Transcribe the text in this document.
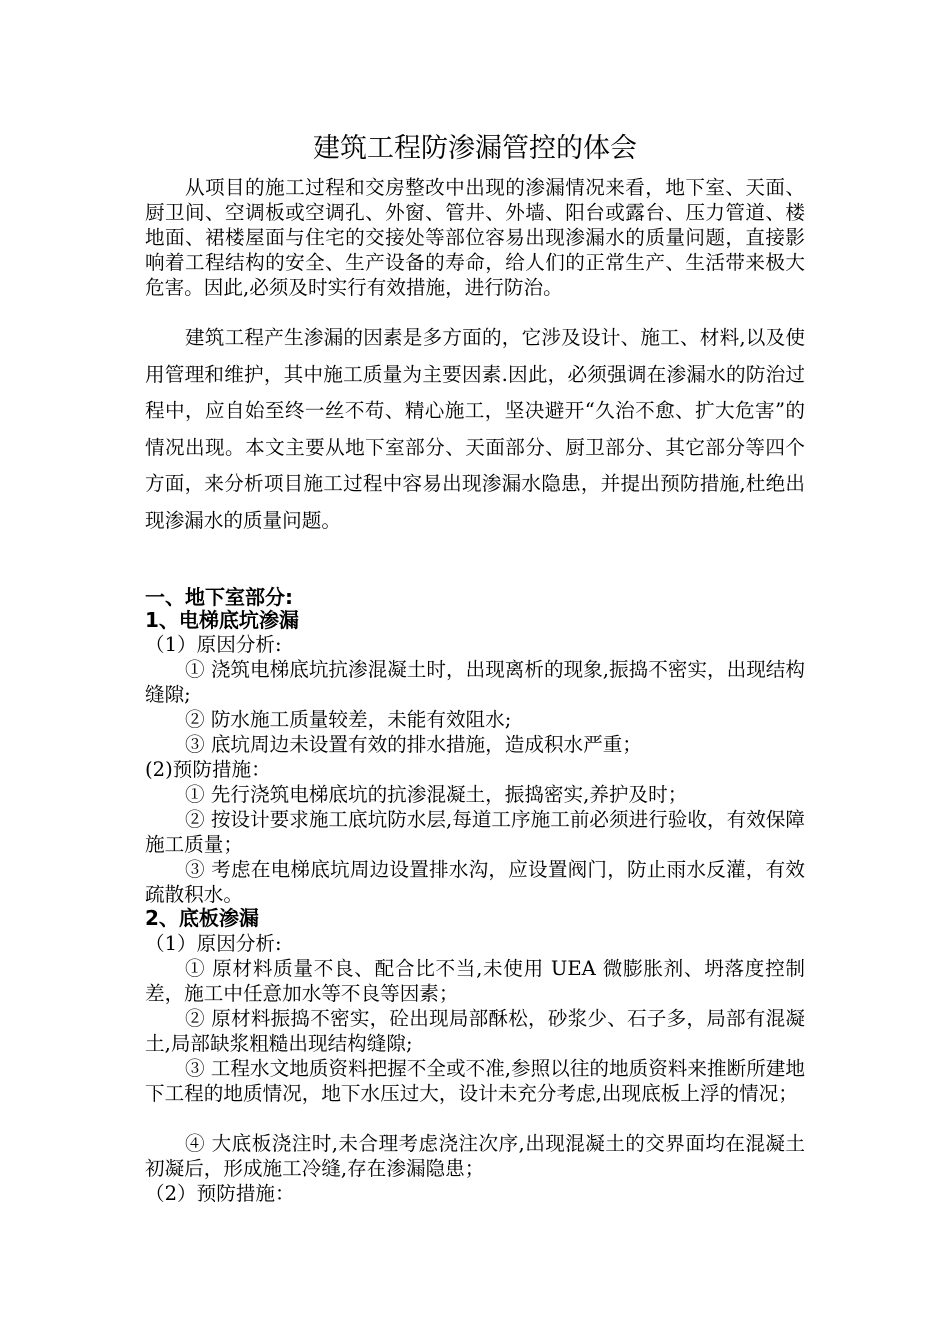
建筑工程防渗漏管控的体会
从项目的施工过程和交房整改中出现的渗漏情况来看，地下室、天面、厨卫间、空调板或空调孔、外窗、管井、外墙、阳台或露台、压力管道、楼地面、裙楼屋面与住宅的交接处等部位容易出现渗漏水的质量问题，直接影响着工程结构的安全、生产设备的寿命，给人们的正常生产、生活带来极大危害。因此,必须及时实行有效措施，进行防治。
建筑工程产生渗漏的因素是多方面的，它涉及设计、施工、材料,以及使用管理和维护，其中施工质量为主要因素.因此，必须强调在渗漏水的防治过程中，应自始至终一丝不苟、精心施工，坚决避开“久治不愈、扩大危害”的情况出现。本文主要从地下室部分、天面部分、厨卫部分、其它部分等四个方面，来分析项目施工过程中容易出现渗漏水隐患，并提出预防措施,杜绝出现渗漏水的质量问题。
一、地下室部分:
1、电梯底坑渗漏
（1）原因分析:
① 浇筑电梯底坑抗渗混凝土时，出现离析的现象,振捣不密实，出现结构缝隙;
② 防水施工质量较差，未能有效阻水;
③ 底坑周边未设置有效的排水措施，造成积水严重；
(2)预防措施：
① 先行浇筑电梯底坑的抗渗混凝土，振捣密实,养护及时；
② 按设计要求施工底坑防水层,每道工序施工前必须进行验收，有效保障施工质量；
③ 考虑在电梯底坑周边设置排水沟，应设置阀门，防止雨水反灌，有效疏散积水。
2、底板渗漏
（1）原因分析:
① 原材料质量不良、配合比不当,未使用 UEA 微膨胀剂、坍落度控制差，施工中任意加水等不良等因素；
② 原材料振捣不密实，砼出现局部酥松，砂浆少、石子多，局部有混凝土,局部缺浆粗糙出现结构缝隙;
③ 工程水文地质资料把握不全或不准,参照以往的地质资料来推断所建地下工程的地质情况，地下水压过大，设计未充分考虑,出现底板上浮的情况；
④ 大底板浇注时,未合理考虑浇注次序,出现混凝土的交界面均在混凝土初凝后，形成施工冷缝,存在渗漏隐患；
（2）预防措施：
